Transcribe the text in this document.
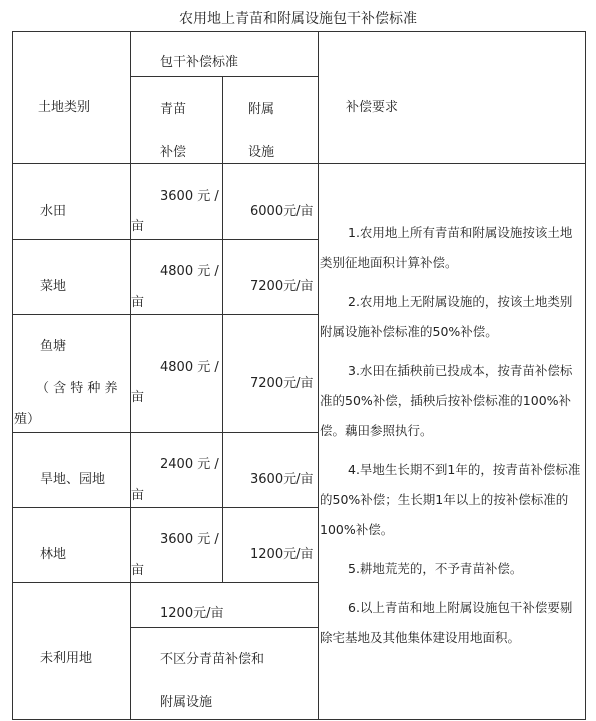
农用地上青苗和附属设施包干补偿标准
土地类别
包干补偿标准
青苗
补偿
附属
设施
补偿要求
水田
3600 元 /
亩
6000元/亩
菜地
4800 元 /
亩
7200元/亩
鱼塘
（ 含 特 种 养
殖）
4800 元 /
亩
7200元/亩
旱地、园地
2400 元 /
亩
3600元/亩
林地
3600 元 /
亩
1200元/亩
未利用地
1200元/亩
不区分青苗补偿和
附属设施

1.农用地上所有青苗和附属设施按该土地类别征地面积计算补偿。

2.农用地上无附属设施的，按该土地类别附属设施补偿标准的50%补偿。

3.水田在插秧前已投成本，按青苗补偿标准的50%补偿，插秧后按补偿标准的100%补偿。藕田参照执行。

4.旱地生长期不到1年的，按青苗补偿标准的50%补偿；生长期1年以上的按补偿标准的100%补偿。

5.耕地荒芜的，不予青苗补偿。

6.以上青苗和地上附属设施包干补偿要剔除宅基地及其他集体建设用地面积。
